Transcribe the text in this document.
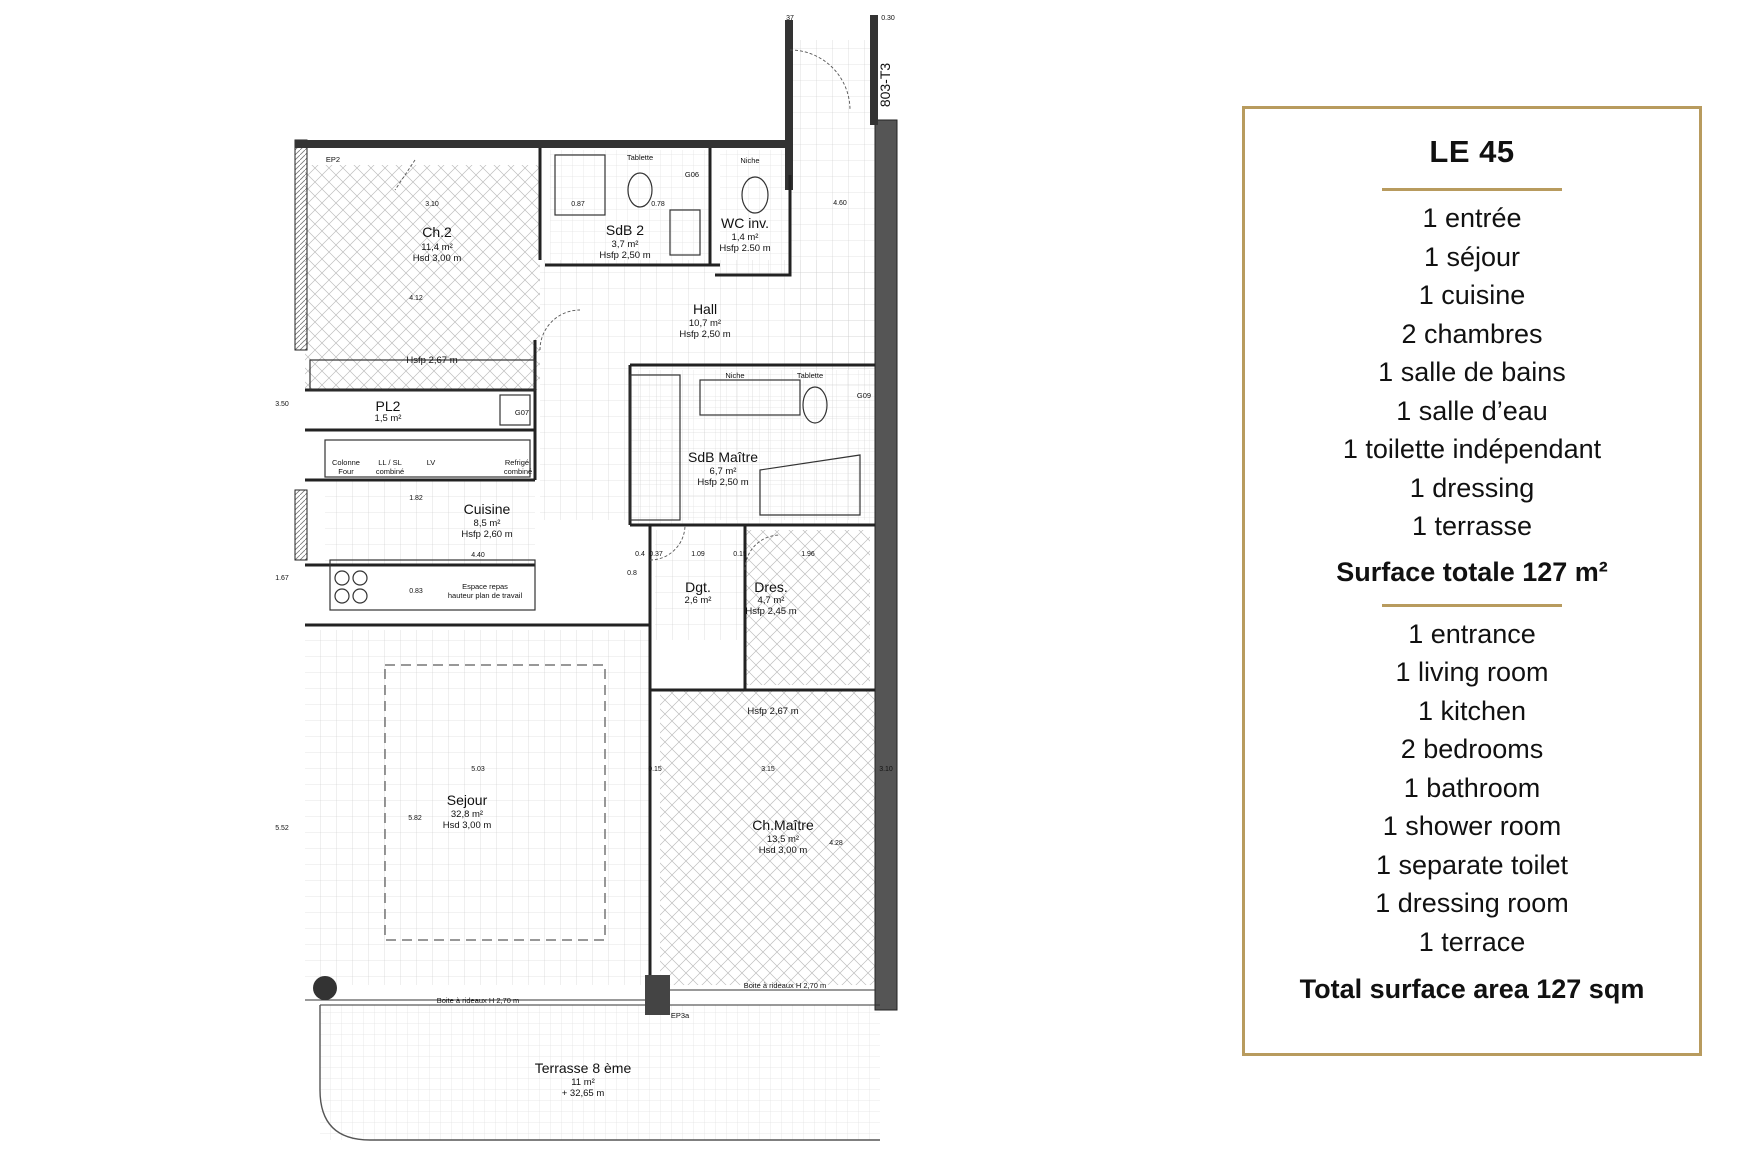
Ch.2
11,4 m²
Hsd 3,00 m
SdB 2
3,7 m²
Hsfp 2,50 m
WC inv.
1,4 m²
Hsfp 2.50 m
Hall
10,7 m²
Hsfp 2,50 m
PL2
1,5 m²
SdB Maître
6,7 m²
Hsfp 2,50 m
Cuisine
8,5 m²
Hsfp 2,60 m
Dgt.
2,6 m²
Dres.
4,7 m²
Hsfp 2,45 m
Sejour
32,8 m²
Hsd 3,00 m	Ch.Maître
13,5 m²
Hsd 3,00 m
Terrasse 8 ème
11 m²
+ 32,65 m
Tablette	Niche
G06
G07
G09
Niche	Tablette
EP2
EP3a
Hsfp 2,67 m
Hsfp 2,67 m
Colonne
Four
LL / SL
combiné
LV	Refrigé.
combiné
Espace repas
hauteur plan de travail
Boite à rideaux H 2,70 m
Boite à rideaux H 2,70 m
3.10	0.87	0.78
4.12
4.60
3.50
1.82
4.40
1.67
5.03
5.52
5.82
3.15
4.28
1.96
1.09
0.8
0.4 0.37
0.15	3.10
37	0.30
0.83
0.15
803-T3
LE 45
1 entrée
1 séjour
1 cuisine
2 chambres
1 salle de bains
1 salle d’eau
1 toilette indépendant
1 dressing
1 terrasse
Surface totale 127 m²
1 entrance
1 living room
1 kitchen
2 bedrooms
1 bathroom
1 shower room
1 separate toilet
1 dressing room
1 terrace
Total surface area 127 sqm
